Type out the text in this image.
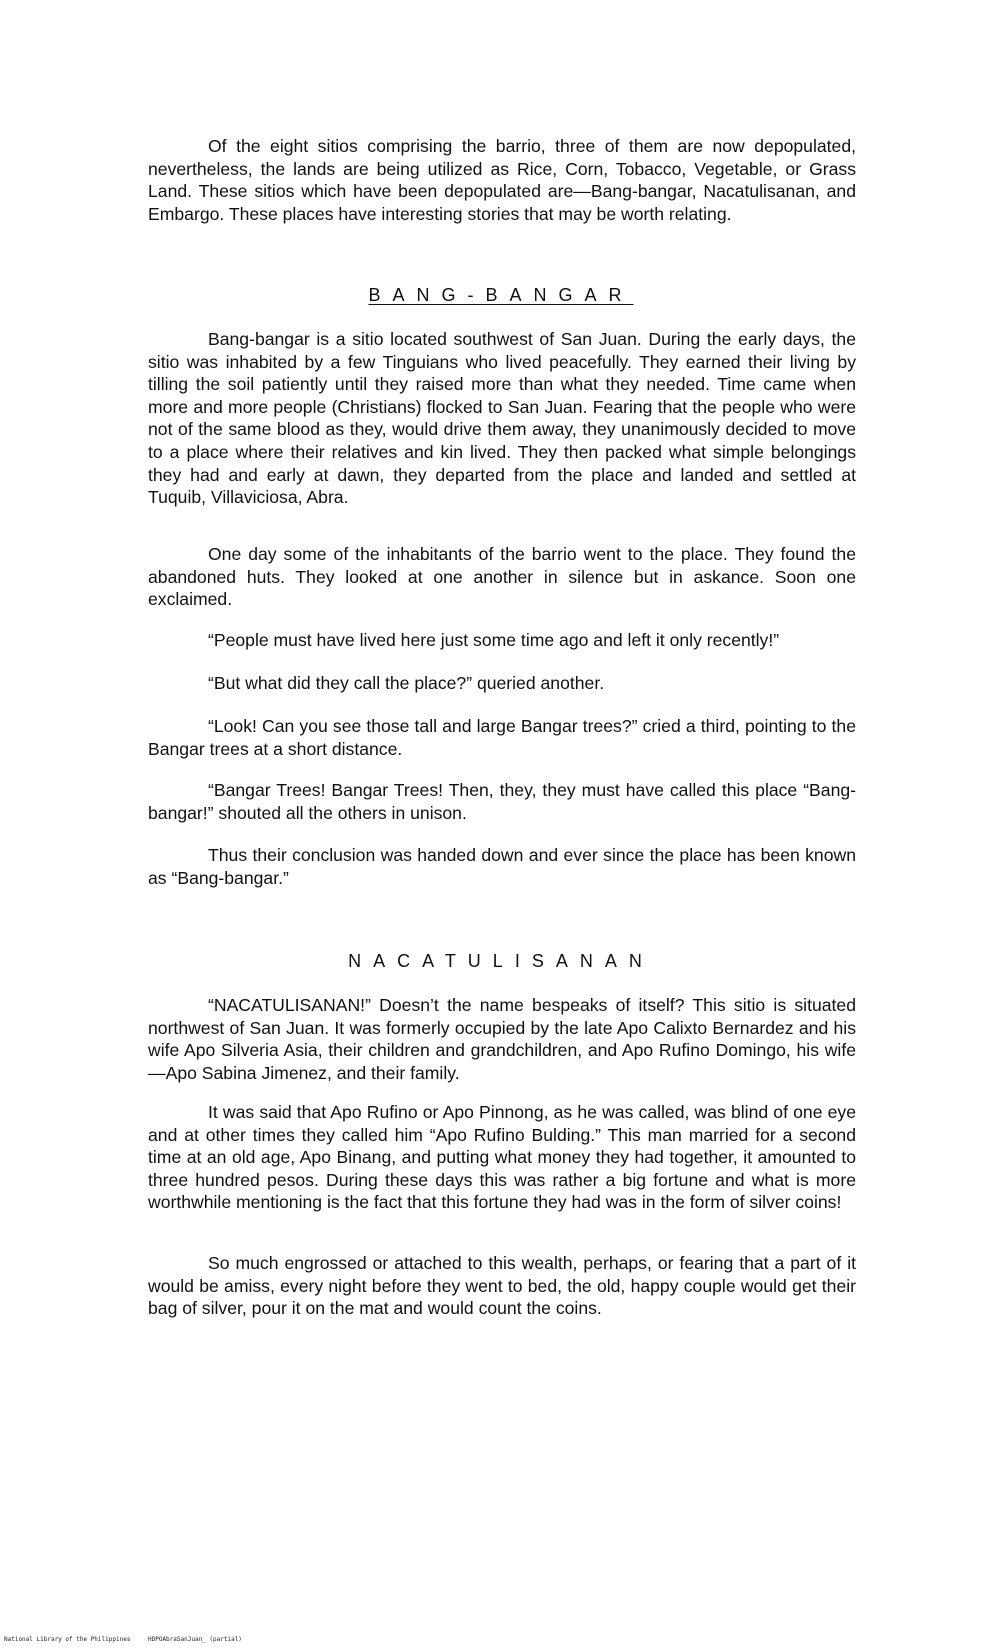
Of the eight sitios comprising the barrio, three of them are now depopulated, nevertheless, the lands are being utilized as Rice, Corn, Tobacco, Vegetable, or Grass Land. These sitios which have been depopulated are—Bang-bangar, Nacatulisanan, and Embargo. These places have interesting stories that may be worth relating.

BANG-BANGAR

Bang-bangar is a sitio located southwest of San Juan. During the early days, the sitio was inhabited by a few Tinguians who lived peacefully. They earned their living by tilling the soil patiently until they raised more than what they needed. Time came when more and more people (Christians) flocked to San Juan. Fearing that the people who were not of the same blood as they, would drive them away, they unanimously decided to move to a place where their relatives and kin lived. They then packed what simple belongings they had and early at dawn, they departed from the place and landed and settled at Tuquib, Villaviciosa, Abra.

One day some of the inhabitants of the barrio went to the place. They found the abandoned huts. They looked at one another in silence but in askance. Soon one exclaimed.

“People must have lived here just some time ago and left it only recently!”

“But what did they call the place?” queried another.

“Look! Can you see those tall and large Bangar trees?” cried a third, pointing to the Bangar trees at a short distance.

“Bangar Trees! Bangar Trees! Then, they, they must have called this place “Bang-bangar!” shouted all the others in unison.

Thus their conclusion was handed down and ever since the place has been known as “Bang-bangar.”

NACATULISANAN

“NACATULISANAN!” Doesn’t the name bespeaks of itself? This sitio is situated northwest of San Juan. It was formerly occupied by the late Apo Calixto Bernardez and his wife Apo Silveria Asia, their children and grandchildren, and Apo Rufino Domingo, his wife—Apo Sabina Jimenez, and their family.

It was said that Apo Rufino or Apo Pinnong, as he was called, was blind of one eye and at other times they called him “Apo Rufino Bulding.” This man married for a second time at an old age, Apo Binang, and putting what money they had together, it amounted to three hundred pesos. During these days this was rather a big fortune and what is more worthwhile mentioning is the fact that this fortune they had was in the form of silver coins!

So much engrossed or attached to this wealth, perhaps, or fearing that a part of it would be amiss, every night before they went to bed, the old, happy couple would get their bag of silver, pour it on the mat and would count the coins.

National Library of the Philippines	HDPOAbraSanJuan_ (partial)
